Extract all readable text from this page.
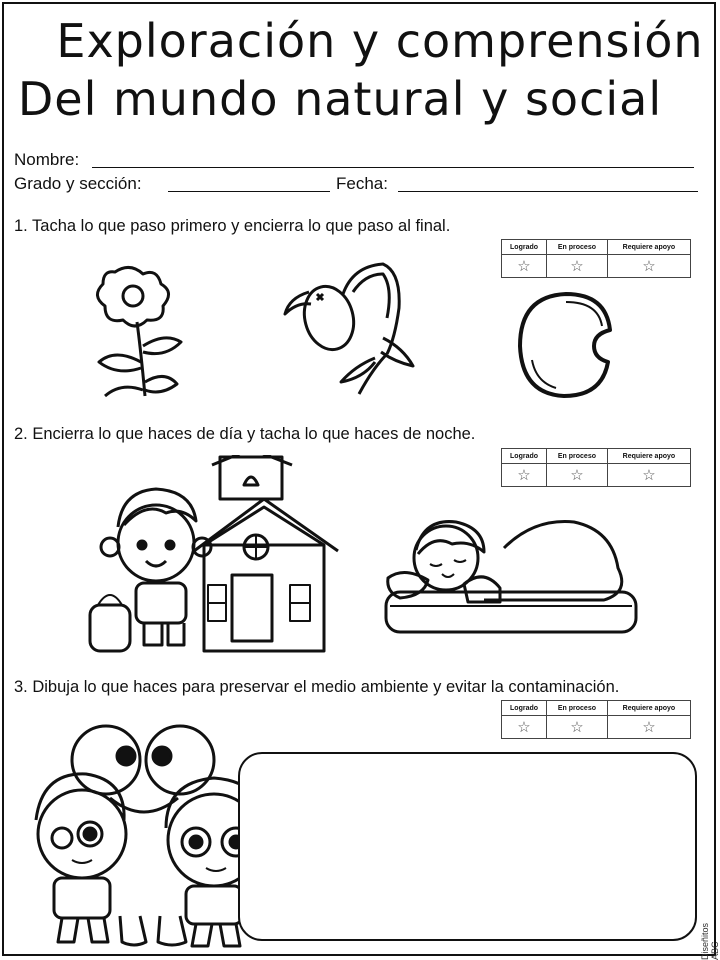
Exploración y comprensión
Del mundo natural y social
Nombre:
Grado y sección:	Fecha:
1. Tacha lo que paso primero y encierra lo que paso al final.
Logrado	En proceso	Requiere apoyo
☆	☆	☆
2. Encierra lo que haces de día y tacha lo que haces de noche.
Logrado	En proceso	Requiere apoyo
☆	☆	☆
3. Dibuja lo que haces para preservar el medio ambiente y evitar la contaminación.
Logrado	En proceso	Requiere apoyo
☆	☆	☆
Diseñitos ABC
